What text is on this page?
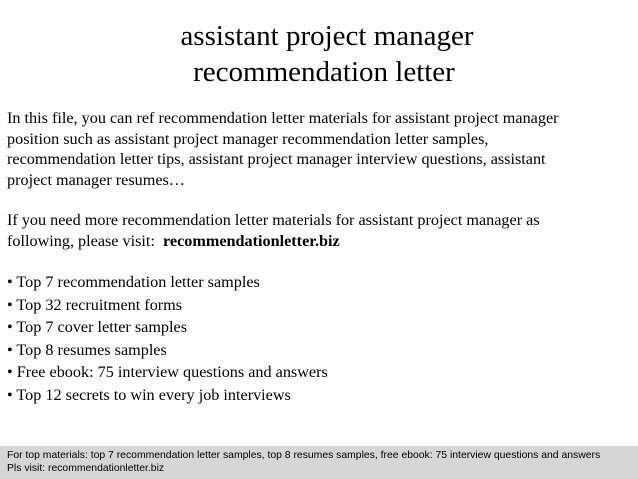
assistant project manager
recommendation letter
In this file, you can ref recommendation letter materials for assistant project manager
position such as assistant project manager recommendation letter samples,
recommendation letter tips, assistant project manager interview questions, assistant
project manager resumes…
If you need more recommendation letter materials for assistant project manager as
following, please visit:  recommendationletter.biz
• Top 7 recommendation letter samples
• Top 32 recruitment forms
• Top 7 cover letter samples
• Top 8 resumes samples
• Free ebook: 75 interview questions and answers
• Top 12 secrets to win every job interviews
For top materials: top 7 recommendation letter samples, top 8 resumes samples, free ebook: 75 interview questions and answers
Pls visit: recommendationletter.biz
